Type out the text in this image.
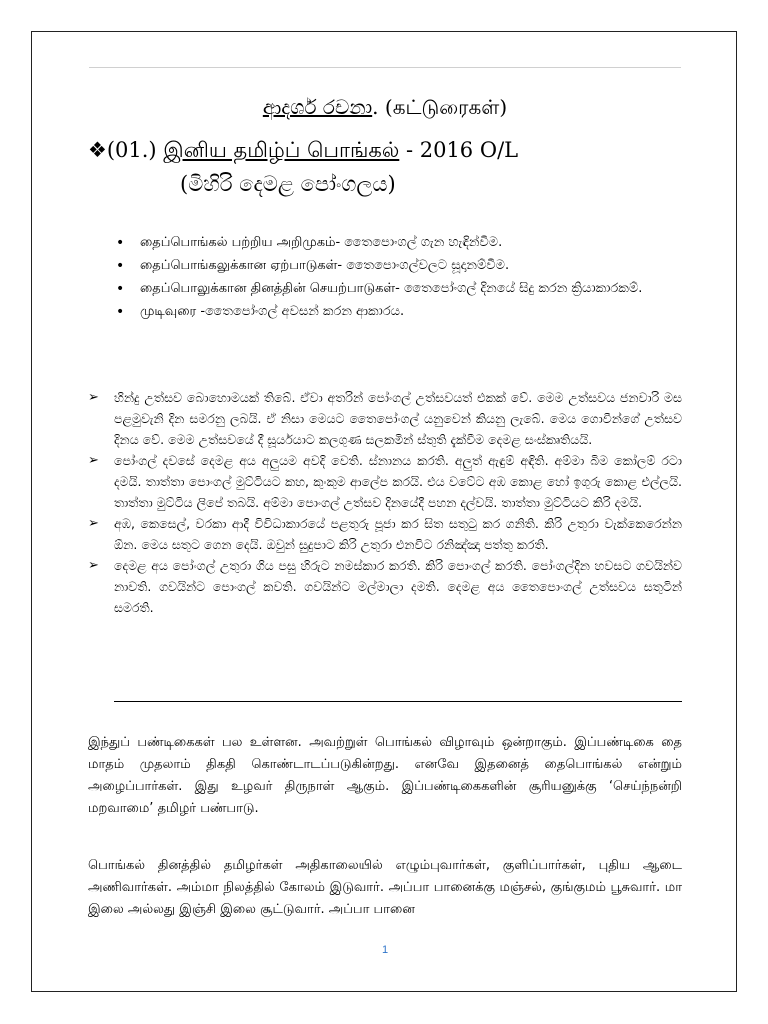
ආදර්ශ රචනා. (கட்டுரைகள்)
❖(01.) இனிய தமிழ்ப் பொங்கல் - 2016 O/L
(මිහිරි දෙමළ පෝංගලය)
• தைப்பொங்கல் பற்றிய அறிமுகம்- තෛපොංගල් ගැන හැඳින්වීම.
• தைப்பொங்கலுக்கான ஏற்பாடுகள்- තෛපොංගල්වලට සූදානම්වීම.
• தைப்பொலுக்கான தினத்தின் செயற்பாடுகள்- තෛපෝංගල් දිනයේ සිදු කරන ක්‍රියාකාරකම්.
• முடிவுரை -තෛපෝංගල් අවසන් කරන ආකාරය.
➢ හින්දු උත්සව බොහොමයක් තිබේ. ඒවා අතරින් පෝංගල් උත්සවයත් එකක් වේ. මෙම උත්සවය ජනවාරි මස පළමුවැනි දින සමරනු ලබයි. ඒ නිසා මෙයට තෛපෝංගල් යනුවෙන් කියනු ලැබේ. මෙය ගොවීන්ගේ උත්සව දිනය වේ. මෙම උත්සවයේ දී සූර්යයාට කලගුණ සලකමින් ස්තුති දැක්වීම දෙමළ සංස්කෘතියයි.
➢ පෝංගල් දවසේ දෙමළ අය අලුයම අවදි වෙති. ස්නානය කරති. අලුත් ඇඳුම් අඳිති. අම්මා බිම කෝලම් රටා දමයි. තාත්තා පොංගල් මුට්ටියට කහ, කුංකුම ආලේප කරයි. එය වටේට අඹ කොළ හෝ ඉගුරු කොළ එල්ලයි. තාත්තා මුට්ටිය ලිපේ තබයි. අම්මා පොංගල් උත්සව දිනයේදී පහන දල්වයි. තාත්තා මුට්ටියට කිරි දමයි.
➢ අඹ, කෙසෙල්, වරකා ආදී විවිධාකාරයේ පළතුරු පූජා කර සිත සතුටු කර ගනිති. කිරි උතුරා වැක්කෙරෙන්න ඕන. මෙය සතුට ගෙන දෙයි. ඔවුන් සුදුපාට කිරි උතුරා එනවිට රනිඤ්ඤා පත්තු කරති.
➢ දෙමළ අය පෝංගල් උතුරා ගිය පසු හිරුට නමස්කාර කරති. කිරි පොංගල් කරති. පෝංගල්දින හවසට ගවයින්ව නාවති. ගවයින්ට පොංගල් කවති. ගවයින්ට මල්මාලා දමති. දෙමළ අය තෛපොංගල් උත්සවය සතුටින් සමරති.

இந்துப் பண்டிகைகள் பல உள்ளன. அவற்றுள் பொங்கல் விழாவும் ஒன்றாகும். இப்பண்டிகை தை மாதம் முதலாம் திகதி கொண்டாடப்படுகின்றது. எனவே இதனைத் தைபொங்கல் என்றும் அழைப்பார்கள். இது உழவர் திருநாள் ஆகும். இப்பண்டிகைகளின் சூரியனுக்கு ‘செய்ந்நன்றி மறவாமை’ தமிழர் பண்பாடு.

பொங்கல் தினத்தில் தமிழர்கள் அதிகாலையில் எழும்புவார்கள், குளிப்பார்கள், புதிய ஆடை அணிவார்கள். அம்மா நிலத்தில் கோலம் இடுவார். அப்பா பானைக்கு மஞ்சல், குங்குமம் பூசுவார். மா இலை அல்லது இஞ்சி இலை சூட்டுவார். அப்பா பானை

1
